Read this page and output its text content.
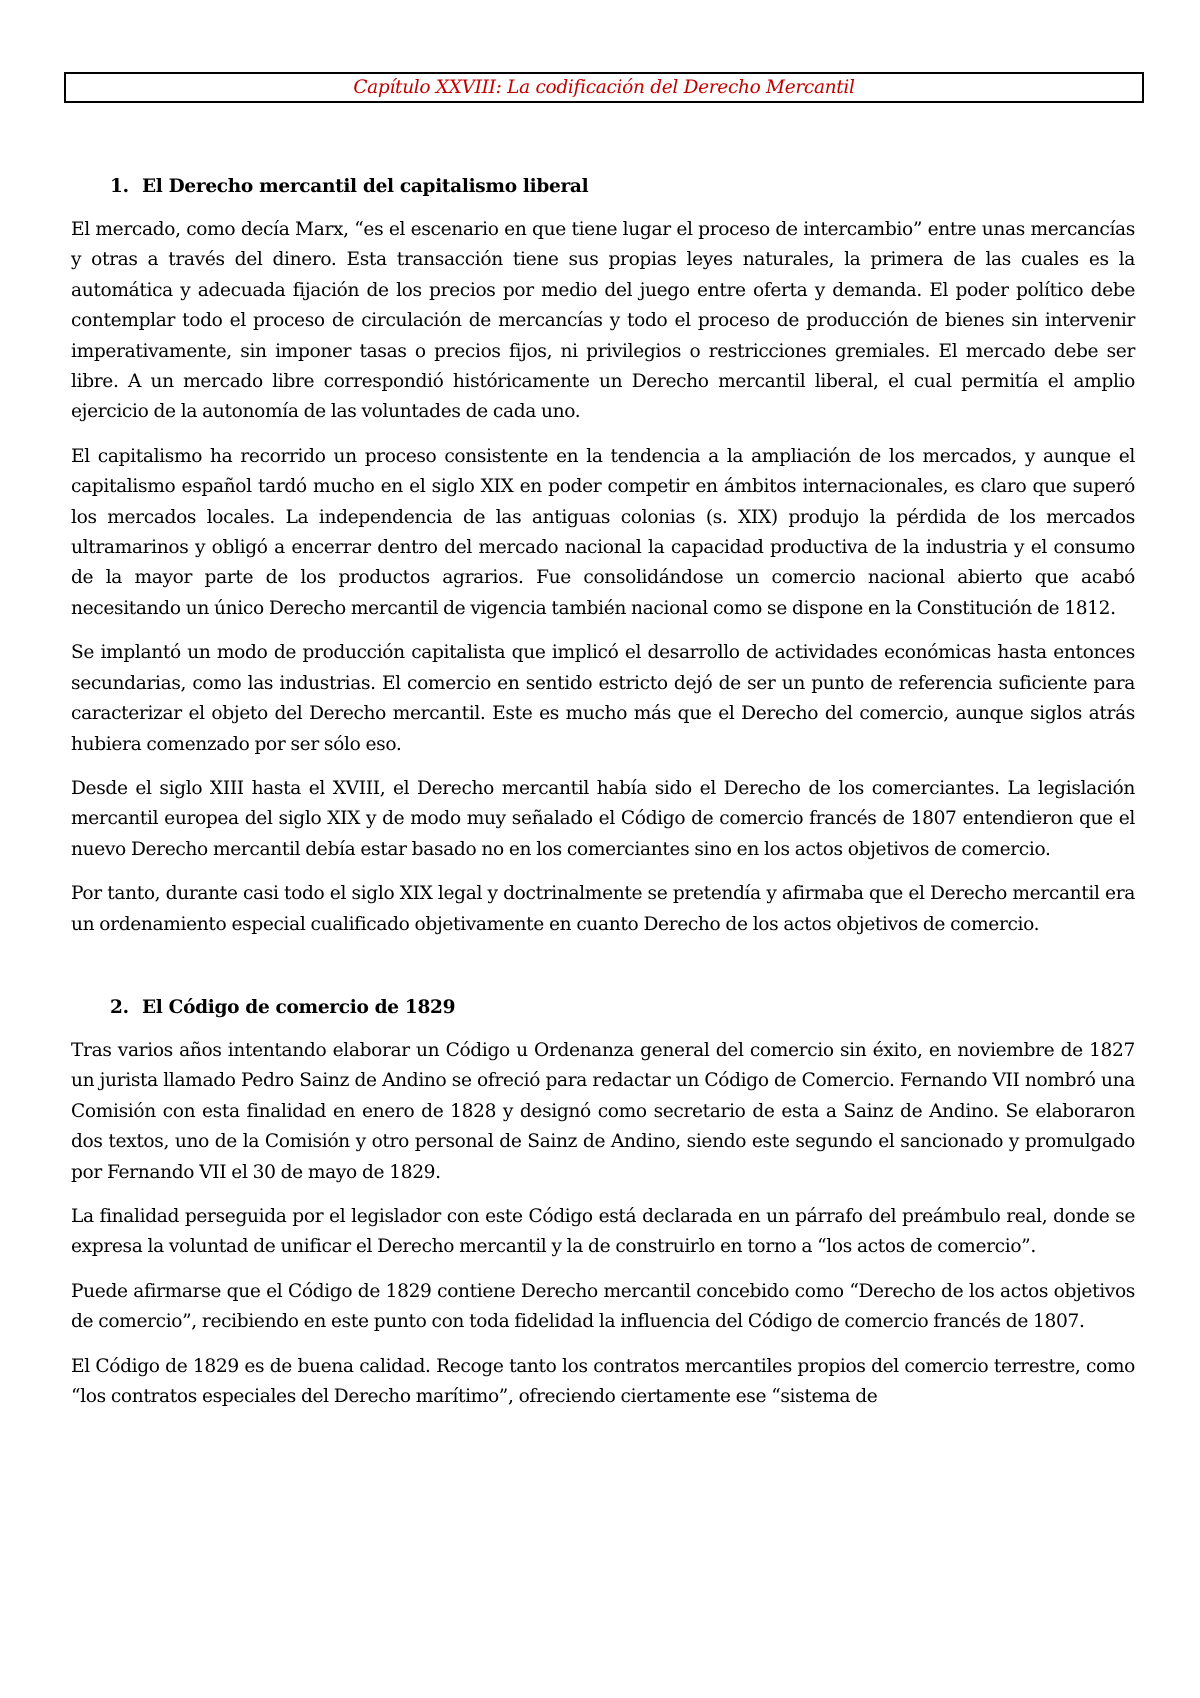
Capítulo XXVIII: La codificación del Derecho Mercantil
1. El Derecho mercantil del capitalismo liberal

El mercado, como decía Marx, “es el escenario en que tiene lugar el proceso de intercambio” entre unas mercancías y otras a través del dinero. Esta transacción tiene sus propias leyes naturales, la primera de las cuales es la automática y adecuada fijación de los precios por medio del juego entre oferta y demanda. El poder político debe contemplar todo el proceso de circulación de mercancías y todo el proceso de producción de bienes sin intervenir imperativamente, sin imponer tasas o precios fijos, ni privilegios o restricciones gremiales. El mercado debe ser libre. A un mercado libre correspondió históricamente un Derecho mercantil liberal, el cual permitía el amplio ejercicio de la autonomía de las voluntades de cada uno.

El capitalismo ha recorrido un proceso consistente en la tendencia a la ampliación de los mercados, y aunque el capitalismo español tardó mucho en el siglo XIX en poder competir en ámbitos internacionales, es claro que superó los mercados locales. La independencia de las antiguas colonias (s. XIX) produjo la pérdida de los mercados ultramarinos y obligó a encerrar dentro del mercado nacional la capacidad productiva de la industria y el consumo de la mayor parte de los productos agrarios. Fue consolidándose un comercio nacional abierto que acabó necesitando un único Derecho mercantil de vigencia también nacional como se dispone en la Constitución de 1812.

Se implantó un modo de producción capitalista que implicó el desarrollo de actividades económicas hasta entonces secundarias, como las industrias. El comercio en sentido estricto dejó de ser un punto de referencia suficiente para caracterizar el objeto del Derecho mercantil. Este es mucho más que el Derecho del comercio, aunque siglos atrás hubiera comenzado por ser sólo eso.

Desde el siglo XIII hasta el XVIII, el Derecho mercantil había sido el Derecho de los comerciantes. La legislación mercantil europea del siglo XIX y de modo muy señalado el Código de comercio francés de 1807 entendieron que el nuevo Derecho mercantil debía estar basado no en los comerciantes sino en los actos objetivos de comercio.

Por tanto, durante casi todo el siglo XIX legal y doctrinalmente se pretendía y afirmaba que el Derecho mercantil era un ordenamiento especial cualificado objetivamente en cuanto Derecho de los actos objetivos de comercio.

2. El Código de comercio de 1829

Tras varios años intentando elaborar un Código u Ordenanza general del comercio sin éxito, en noviembre de 1827 un jurista llamado Pedro Sainz de Andino se ofreció para redactar un Código de Comercio. Fernando VII nombró una Comisión con esta finalidad en enero de 1828 y designó como secretario de esta a Sainz de Andino. Se elaboraron dos textos, uno de la Comisión y otro personal de Sainz de Andino, siendo este segundo el sancionado y promulgado por Fernando VII el 30 de mayo de 1829.

La finalidad perseguida por el legislador con este Código está declarada en un párrafo del preámbulo real, donde se expresa la voluntad de unificar el Derecho mercantil y la de construirlo en torno a “los actos de comercio”.

Puede afirmarse que el Código de 1829 contiene Derecho mercantil concebido como “Derecho de los actos objetivos de comercio”, recibiendo en este punto con toda fidelidad la influencia del Código de comercio francés de 1807.

El Código de 1829 es de buena calidad. Recoge tanto los contratos mercantiles propios del comercio terrestre, como “los contratos especiales del Derecho marítimo”, ofreciendo ciertamente ese “sistema de
